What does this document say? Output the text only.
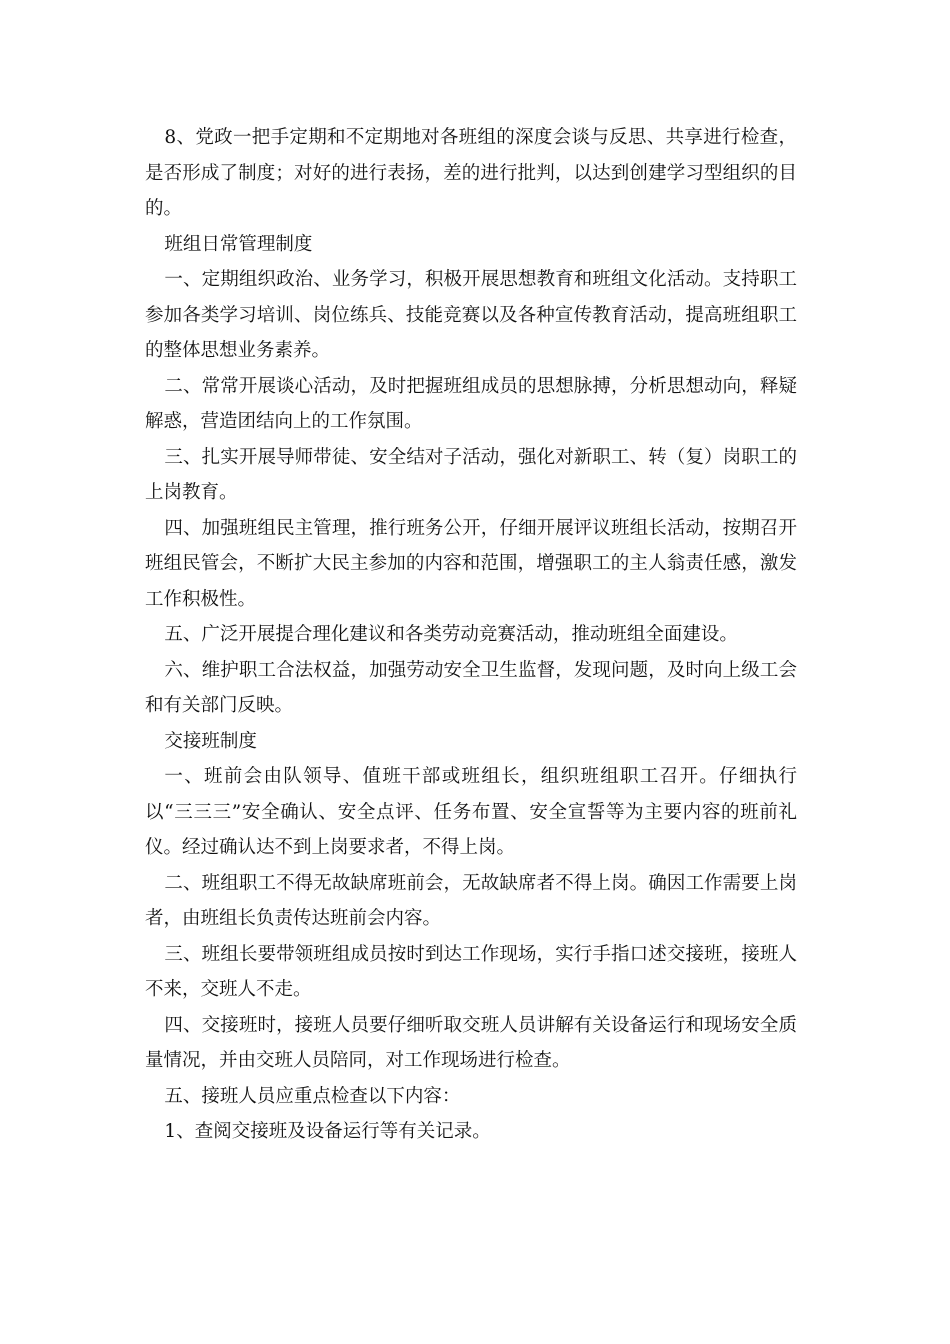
8、党政一把手定期和不定期地对各班组的深度会谈与反思、共享进行检查，是否形成了制度；对好的进行表扬，差的进行批判，以达到创建学习型组织的目的。

班组日常管理制度

一、定期组织政治、业务学习，积极开展思想教育和班组文化活动。支持职工参加各类学习培训、岗位练兵、技能竞赛以及各种宣传教育活动，提高班组职工的整体思想业务素养。

二、常常开展谈心活动，及时把握班组成员的思想脉搏，分析思想动向，释疑解惑，营造团结向上的工作氛围。

三、扎实开展导师带徒、安全结对子活动，强化对新职工、转（复）岗职工的上岗教育。

四、加强班组民主管理，推行班务公开，仔细开展评议班组长活动，按期召开班组民管会，不断扩大民主参加的内容和范围，增强职工的主人翁责任感，激发工作积极性。

五、广泛开展提合理化建议和各类劳动竞赛活动，推动班组全面建设。

六、维护职工合法权益，加强劳动安全卫生监督，发现问题，及时向上级工会和有关部门反映。

交接班制度

一、班前会由队领导、值班干部或班组长，组织班组职工召开。仔细执行以“三三三”安全确认、安全点评、任务布置、安全宣誓等为主要内容的班前礼仪。经过确认达不到上岗要求者，不得上岗。

二、班组职工不得无故缺席班前会，无故缺席者不得上岗。确因工作需要上岗者，由班组长负责传达班前会内容。

三、班组长要带领班组成员按时到达工作现场，实行手指口述交接班，接班人不来，交班人不走。

四、交接班时，接班人员要仔细听取交班人员讲解有关设备运行和现场安全质量情况，并由交班人员陪同，对工作现场进行检查。

五、接班人员应重点检查以下内容：

1、查阅交接班及设备运行等有关记录。
